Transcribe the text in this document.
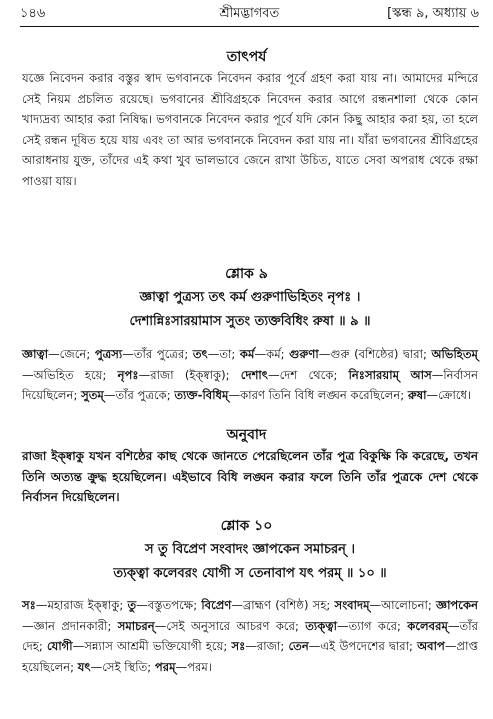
১৪৬	শ্রীমদ্ভাগবত	[স্কন্ধ ৯, অধ্যায় ৬
তাৎপর্য

যজ্ঞে নিবেদন করার বস্তুর স্বাদ ভগবানকে নিবেদন করার পূর্বে গ্রহণ করা যায় না। আমাদের মন্দিরে সেই নিয়ম প্রচলিত রয়েছে। ভগবানের শ্রীবিগ্রহকে নিবেদন করার আগে রন্ধনশালা থেকে কোন খাদ্যদ্রব্য আহার করা নিষিদ্ধ। ভগবানকে নিবেদন করার পূর্বে যদি কোন কিছু আহার করা হয়, তা হলে সেই রন্ধন দূষিত হয়ে যায় এবং তা আর ভগবানকে নিবেদন করা যায় না। যাঁরা ভগবানের শ্রীবিগ্রহের আরাধনায় যুক্ত, তাঁদের এই কথা খুব ভালভাবে জেনে রাখা উচিত, যাতে সেবা অপরাধ থেকে রক্ষা পাওয়া যায়।

শ্লোক ৯
জ্ঞাত্বা পুত্রস্য তৎ কর্ম গুরুণাভিহিতং নৃপঃ ।
দেশান্নিঃসারয়ামাস সুতং ত্যক্তবিধিং রুষা ॥ ৯ ॥

জ্ঞাত্বা—জেনে; পুত্রস্য—তাঁর পুত্রের; তৎ—তা; কর্ম—কর্ম; গুরুণা—গুরু (বশিষ্ঠের) দ্বারা; অভিহিতম্—অভিহিত হয়ে; নৃপঃ—রাজা (ইক্ষ্বাকু); দেশাৎ—দেশ থেকে; নিঃসারয়াম্ আস—নির্বাসন দিয়েছিলেন; সুতম্—তাঁর পুত্রকে; ত্যক্ত-বিধিম্—কারণ তিনি বিধি লঙ্ঘন করেছিলেন; রুষা—ক্রোধে।

অনুবাদ

রাজা ইক্ষ্বাকু যখন বশিষ্ঠের কাছ থেকে জানতে পেরেছিলেন তাঁর পুত্র বিকুক্ষি কি করেছে, তখন তিনি অত্যন্ত ক্রুদ্ধ হয়েছিলেন। এইভাবে বিধি লঙ্ঘন করার ফলে তিনি তাঁর পুত্রকে দেশ থেকে নির্বাসন দিয়েছিলেন।

শ্লোক ১০
স তু বিপ্রেণ সংবাদং জ্ঞাপকেন সমাচরন্ ।
ত্যক্ত্বা কলেবরং যোগী স তেনাবাপ যৎ পরম্ ॥ ১০ ॥

সঃ—মহারাজ ইক্ষ্বাকু; তু—বস্তুতপক্ষে; বিপ্রেণ—ব্রাহ্মণ (বশিষ্ঠ) সহ; সংবাদম্—আলোচনা; জ্ঞাপকেন—জ্ঞান প্রদানকারী; সমাচরন্—সেই অনুসারে আচরণ করে; ত্যক্ত্বা—ত্যাগ করে; কলেবরম্—তাঁর দেহ; যোগী—সন্ন্যাস আশ্রমী ভক্তিযোগী হয়ে; সঃ—রাজা; তেন—এই উপদেশের দ্বারা; অবাপ—প্রাপ্ত হয়েছিলেন; যৎ—সেই স্থিতি; পরম্—পরম।
